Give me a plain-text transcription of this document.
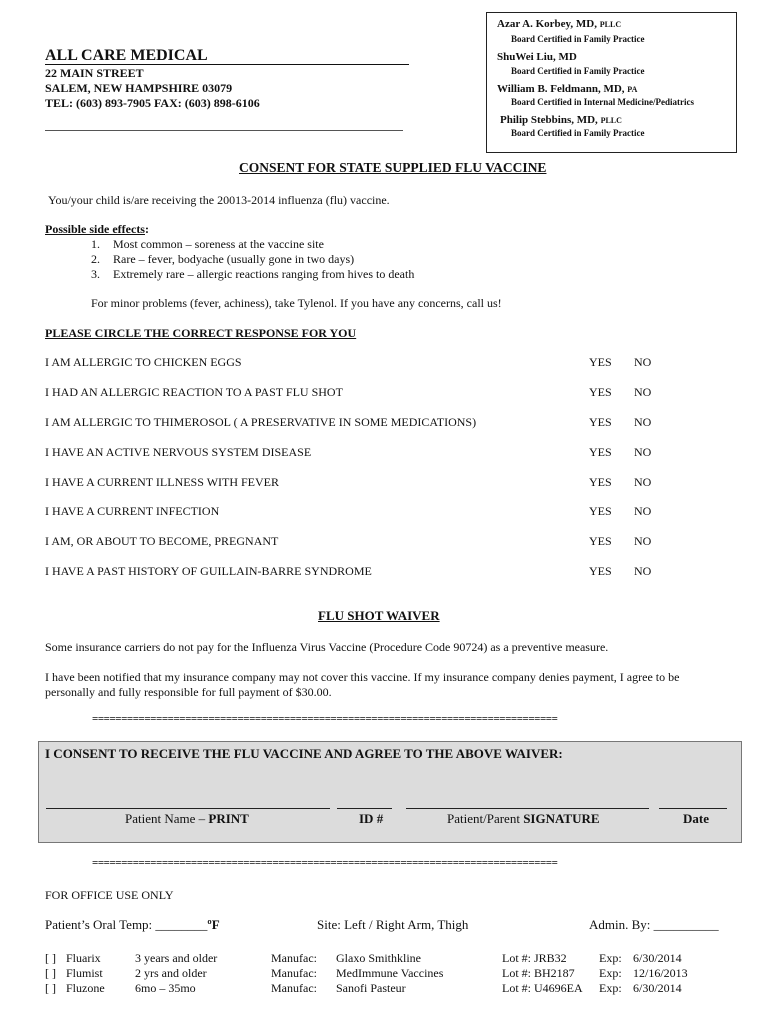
Azar A. Korbey, MD, PLLC
Board Certified in Family Practice
ShuWei Liu, MD
Board Certified in Family Practice
William B. Feldmann, MD, PA
Board Certified in Internal Medicine/Pediatrics
Philip Stebbins, MD, PLLC
Board Certified in Family Practice
ALL CARE MEDICAL
22 MAIN STREET
SALEM, NEW HAMPSHIRE 03079
TEL: (603) 893-7905 FAX: (603) 898-6106
CONSENT FOR STATE SUPPLIED FLU VACCINE
You/your child is/are receiving the 20013-2014 influenza (flu) vaccine.
Possible side effects:
1. Most common – soreness at the vaccine site
2. Rare – fever, bodyache (usually gone in two days)
3. Extremely rare – allergic reactions ranging from hives to death
For minor problems (fever, achiness), take Tylenol. If you have any concerns, call us!
PLEASE CIRCLE THE CORRECT RESPONSE FOR YOU
I AM ALLERGIC TO CHICKEN EGGS	YES NO
I HAD AN ALLERGIC REACTION TO A PAST FLU SHOT	YES NO
I AM ALLERGIC TO THIMEROSOL ( A PRESERVATIVE IN SOME MEDICATIONS)	YES NO
I HAVE AN ACTIVE NERVOUS SYSTEM DISEASE	YES NO
I HAVE A CURRENT ILLNESS WITH FEVER	YES NO
I HAVE A CURRENT INFECTION	YES NO
I AM, OR ABOUT TO BECOME, PREGNANT	YES NO
I HAVE A PAST HISTORY OF GUILLAIN-BARRE SYNDROME	YES NO
FLU SHOT WAIVER
Some insurance carriers do not pay for the Influenza Virus Vaccine (Procedure Code 90724) as a preventive measure.
I have been notified that my insurance company may not cover this vaccine. If my insurance company denies payment, I agree to be
personally and fully responsible for full payment of $30.00.
================================================================================
I CONSENT TO RECEIVE THE FLU VACCINE AND AGREE TO THE ABOVE WAIVER:
Patient Name – PRINT	ID #	Patient/Parent SIGNATURE	Date
================================================================================
FOR OFFICE USE ONLY
Patient’s Oral Temp: ________ºF	Site: Left / Right Arm, Thigh	Admin. By: __________
[ ] Fluarix	3 years and older	Manufac: Glaxo Smithkline	Lot #: JRB32	Exp: 6/30/2014
[ ] Flumist	2 yrs and older	Manufac: MedImmune Vaccines	Lot #: BH2187 Exp: 12/16/2013
[ ] Fluzone	6mo – 35mo	Manufac: Sanofi Pasteur	Lot #: U4696EA Exp: 6/30/2014
